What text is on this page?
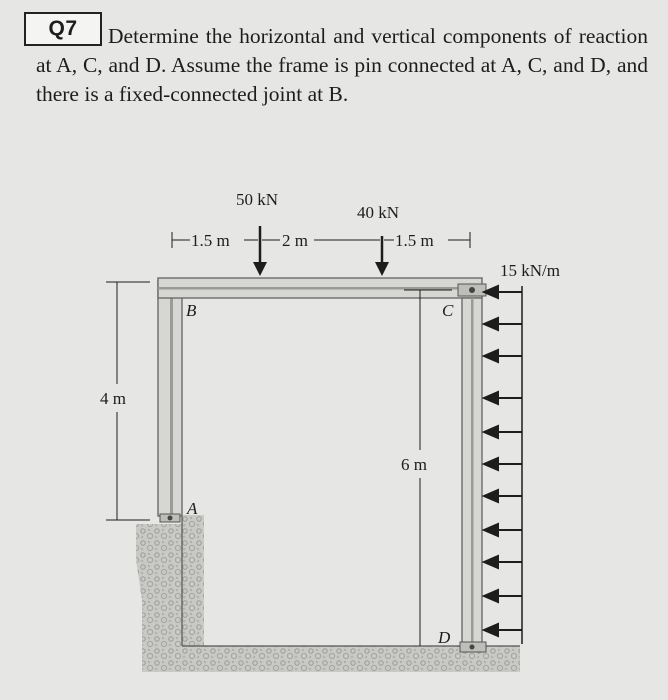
Q7	Determine the horizontal and vertical components of reaction at A, C, and D. Assume the frame is pin connected at A, C, and D, and there is a fixed-connected joint at B.

B
A
C
D
50 kN
40 kN
1.5 m	2 m	1.5 m
4 m
6 m
15 kN/m
